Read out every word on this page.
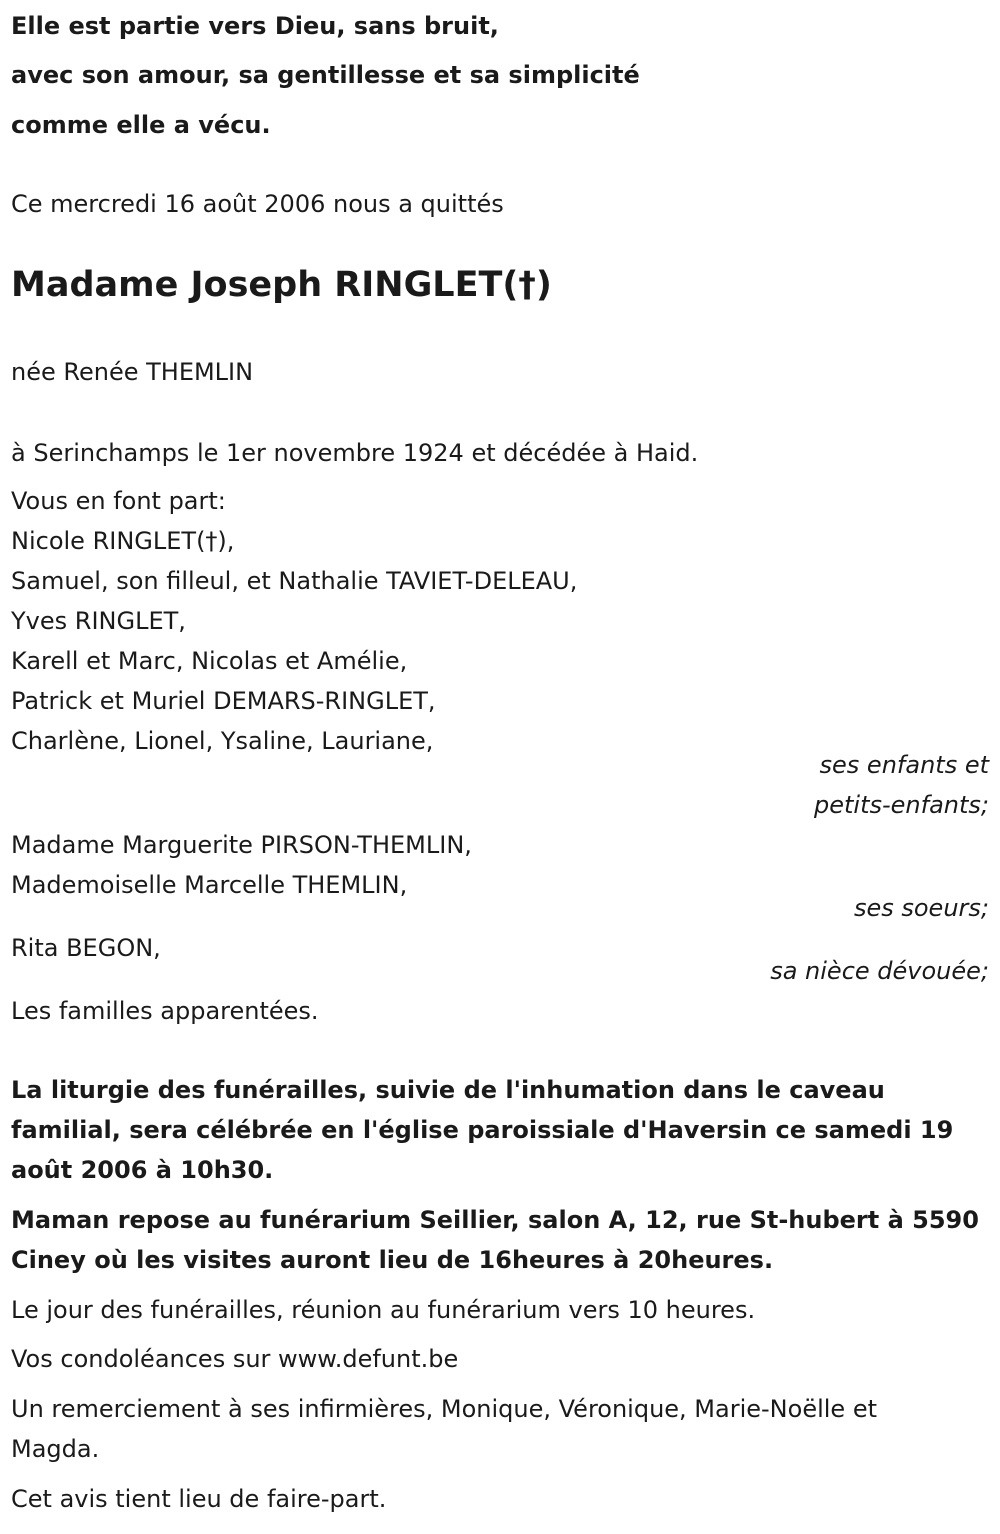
Elle est partie vers Dieu, sans bruit,
avec son amour, sa gentillesse et sa simplicité
comme elle a vécu.
Ce mercredi 16 août 2006 nous a quittés
Madame Joseph RINGLET(†)
née Renée THEMLIN
à Serinchamps le 1er novembre 1924 et décédée à Haid.
Vous en font part:
Nicole RINGLET(†),
Samuel, son filleul, et Nathalie TAVIET-DELEAU,
Yves RINGLET,
Karell et Marc, Nicolas et Amélie,
Patrick et Muriel DEMARS-RINGLET,
Charlène, Lionel, Ysaline, Lauriane,
ses enfants et
petits-enfants;
Madame Marguerite PIRSON-THEMLIN,
Mademoiselle Marcelle THEMLIN,
ses soeurs;
Rita BEGON,
sa nièce dévouée;
Les familles apparentées.
La liturgie des funérailles, suivie de l'inhumation dans le caveau
familial, sera célébrée en l'église paroissiale d'Haversin ce samedi 19
août 2006 à 10h30.
Maman repose au funérarium Seillier, salon A, 12, rue St-hubert à 5590
Ciney où les visites auront lieu de 16heures à 20heures.
Le jour des funérailles, réunion au funérarium vers 10 heures.
Vos condoléances sur www.defunt.be
Un remerciement à ses infirmières, Monique, Véronique, Marie-Noëlle et
Magda.
Cet avis tient lieu de faire-part.
